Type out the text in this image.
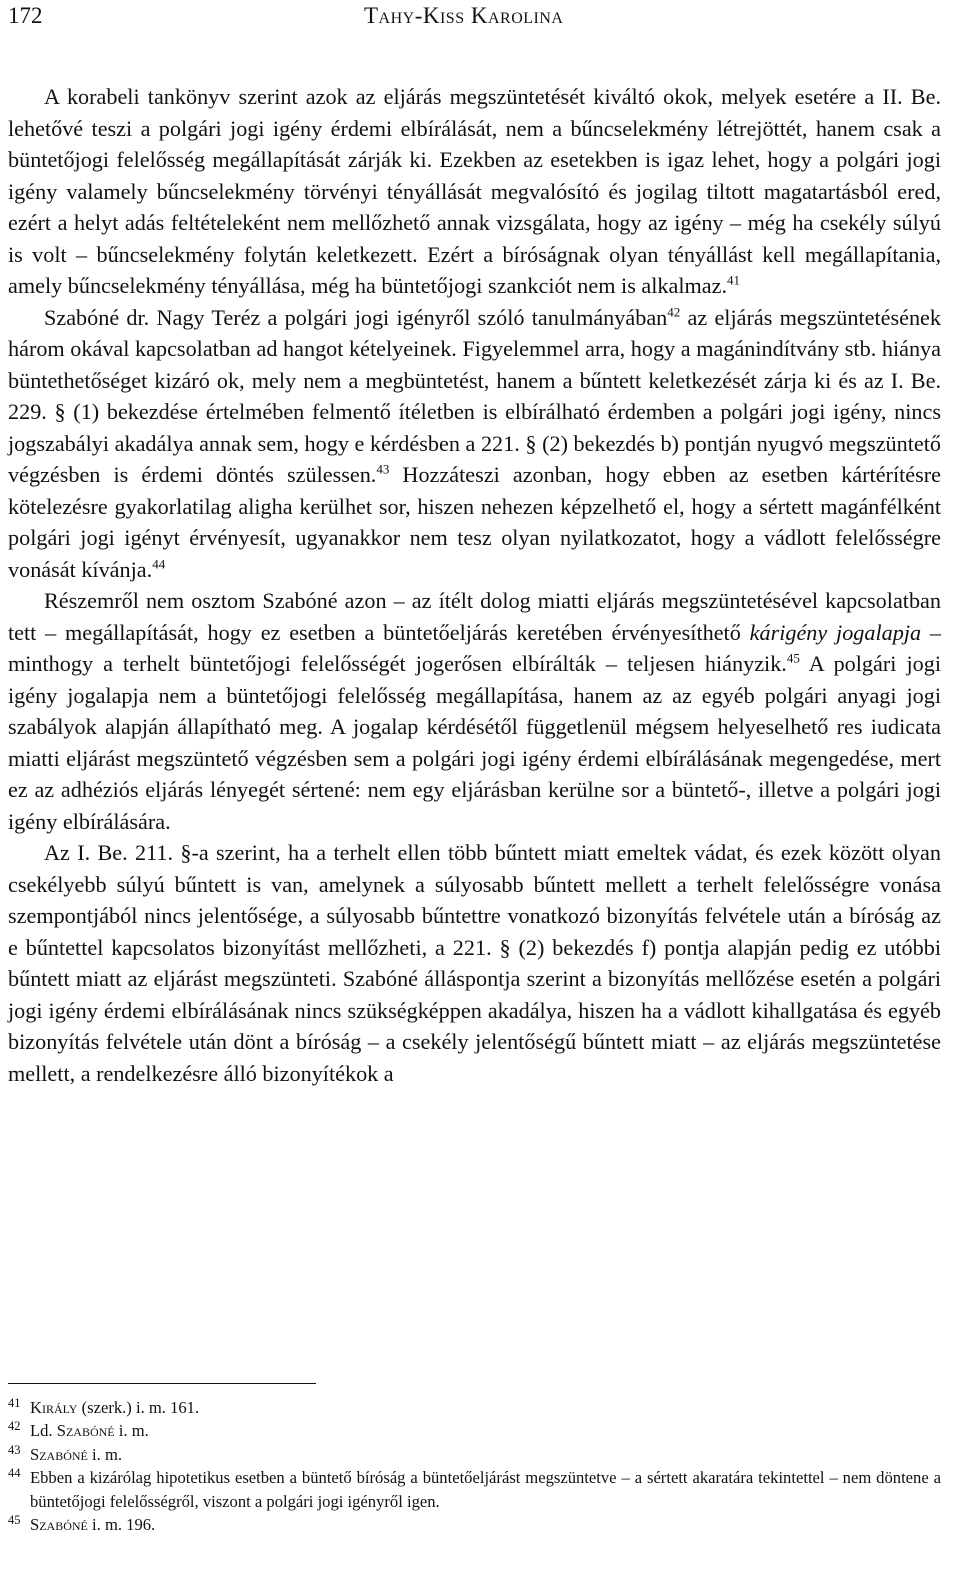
172	Tahy-Kiss Karolina

A korabeli tankönyv szerint azok az eljárás megszüntetését kiváltó okok, melyek esetére a II. Be. lehetővé teszi a polgári jogi igény érdemi elbírálását, nem a bűncselekmény létrejöttét, hanem csak a büntetőjogi felelősség megállapítását zárják ki. Ezekben az esetekben is igaz lehet, hogy a polgári jogi igény valamely bűncselekmény törvényi tényállását megvalósító és jogilag tiltott magatartásból ered, ezért a helyt adás feltételeként nem mellőzhető annak vizsgálata, hogy az igény – még ha csekély súlyú is volt – bűncselekmény folytán keletkezett. Ezért a bíróságnak olyan tényállást kell megállapítania, amely bűncselekmény tényállása, még ha büntetőjogi szankciót nem is alkalmaz.$^{41}$

Szabóné dr. Nagy Teréz a polgári jogi igényről szóló tanulmányában$^{42}$ az eljárás megszüntetésének három okával kapcsolatban ad hangot kételyeinek. Figyelemmel arra, hogy a magánindítvány stb. hiánya büntethetőséget kizáró ok, mely nem a megbüntetést, hanem a bűntett keletkezését zárja ki és az I. Be. 229. § (1) bekezdése értelmében felmentő ítéletben is elbírálható érdemben a polgári jogi igény, nincs jogszabályi akadálya annak sem, hogy e kérdésben a 221. § (2) bekezdés b) pontján nyugvó megszüntető végzésben is érdemi döntés szülessen.$^{43}$ Hozzáteszi azonban, hogy ebben az esetben kártérítésre kötelezésre gyakorlatilag aligha kerülhet sor, hiszen nehezen képzelhető el, hogy a sértett magánfélként polgári jogi igényt érvényesít, ugyanakkor nem tesz olyan nyilatkozatot, hogy a vádlott felelősségre vonását kívánja.$^{44}$

Részemről nem osztom Szabóné azon – az ítélt dolog miatti eljárás megszüntetésével kapcsolatban tett – megállapítását, hogy ez esetben a büntetőeljárás keretében érvényesíthető kárigény jogalapja – minthogy a terhelt büntetőjogi felelősségét jogerősen elbírálták – teljesen hiányzik.$^{45}$ A polgári jogi igény jogalapja nem a büntetőjogi felelősség megállapítása, hanem az az egyéb polgári anyagi jogi szabályok alapján állapítható meg. A jogalap kérdésétől függetlenül mégsem helyeselhető res iudicata miatti eljárást megszüntető végzésben sem a polgári jogi igény érdemi elbírálásának megengedése, mert ez az adhéziós eljárás lényegét sértené: nem egy eljárásban kerülne sor a büntető-, illetve a polgári jogi igény elbírálására.

Az I. Be. 211. §-a szerint, ha a terhelt ellen több bűntett miatt emeltek vádat, és ezek között olyan csekélyebb súlyú bűntett is van, amelynek a súlyosabb bűntett mellett a terhelt felelősségre vonása szempontjából nincs jelentősége, a súlyosabb bűntettre vonatkozó bizonyítás felvétele után a bíróság az e bűntettel kapcsolatos bizonyítást mellőzheti, a 221. § (2) bekezdés f) pontja alapján pedig ez utóbbi bűntett miatt az eljárást megszünteti. Szabóné álláspontja szerint a bizonyítás mellőzése esetén a polgári jogi igény érdemi elbírálásának nincs szükségképpen akadálya, hiszen ha a vádlott kihallgatása és egyéb bizonyítás felvétele után dönt a bíróság – a csekély jelentőségű bűntett miatt – az eljárás megszüntetése mellett, a rendelkezésre álló bizonyítékok a

41 Király (szerk.) i. m. 161.
42 Ld. Szabóné i. m.
43 Szabóné i. m.
44 Ebben a kizárólag hipotetikus esetben a büntető bíróság a büntetőeljárást megszüntetve – a sértett akaratára tekintettel – nem döntene a büntetőjogi felelősségről, viszont a polgári jogi igényről igen.
45 Szabóné i. m. 196.
